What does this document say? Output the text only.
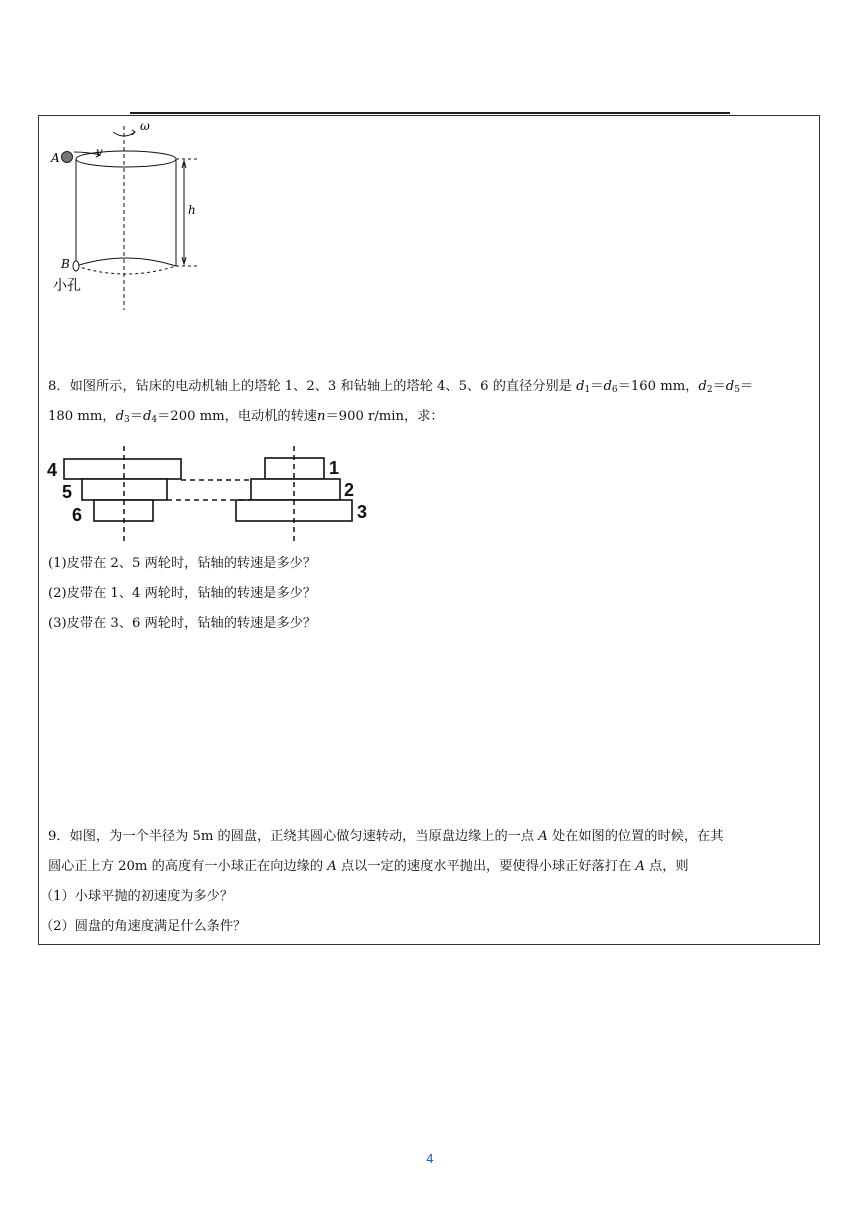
ω
A	v
h
B
小孔
8．如图所示，钻床的电动机轴上的塔轮 1、2、3 和钻轴上的塔轮 4、5、6 的直径分别是 $d_1=d_6=160$ mm，$d_2=d_5=$
180 mm，$d_3=d_4=200$ mm，电动机的转速n＝900 r/min，求：
4
5
6
1
2
3
(1)皮带在 2、5 两轮时，钻轴的转速是多少？
(2)皮带在 1、4 两轮时，钻轴的转速是多少？
(3)皮带在 3、6 两轮时，钻轴的转速是多少？
9．如图，为一个半径为 5m 的圆盘，正绕其圆心做匀速转动，当原盘边缘上的一点 A 处在如图的位置的时候，在其
圆心正上方 20m 的高度有一小球正在向边缘的 A 点以一定的速度水平抛出，要使得小球正好落打在 A 点，则
（1）小球平抛的初速度为多少？
（2）圆盘的角速度满足什么条件？
4
